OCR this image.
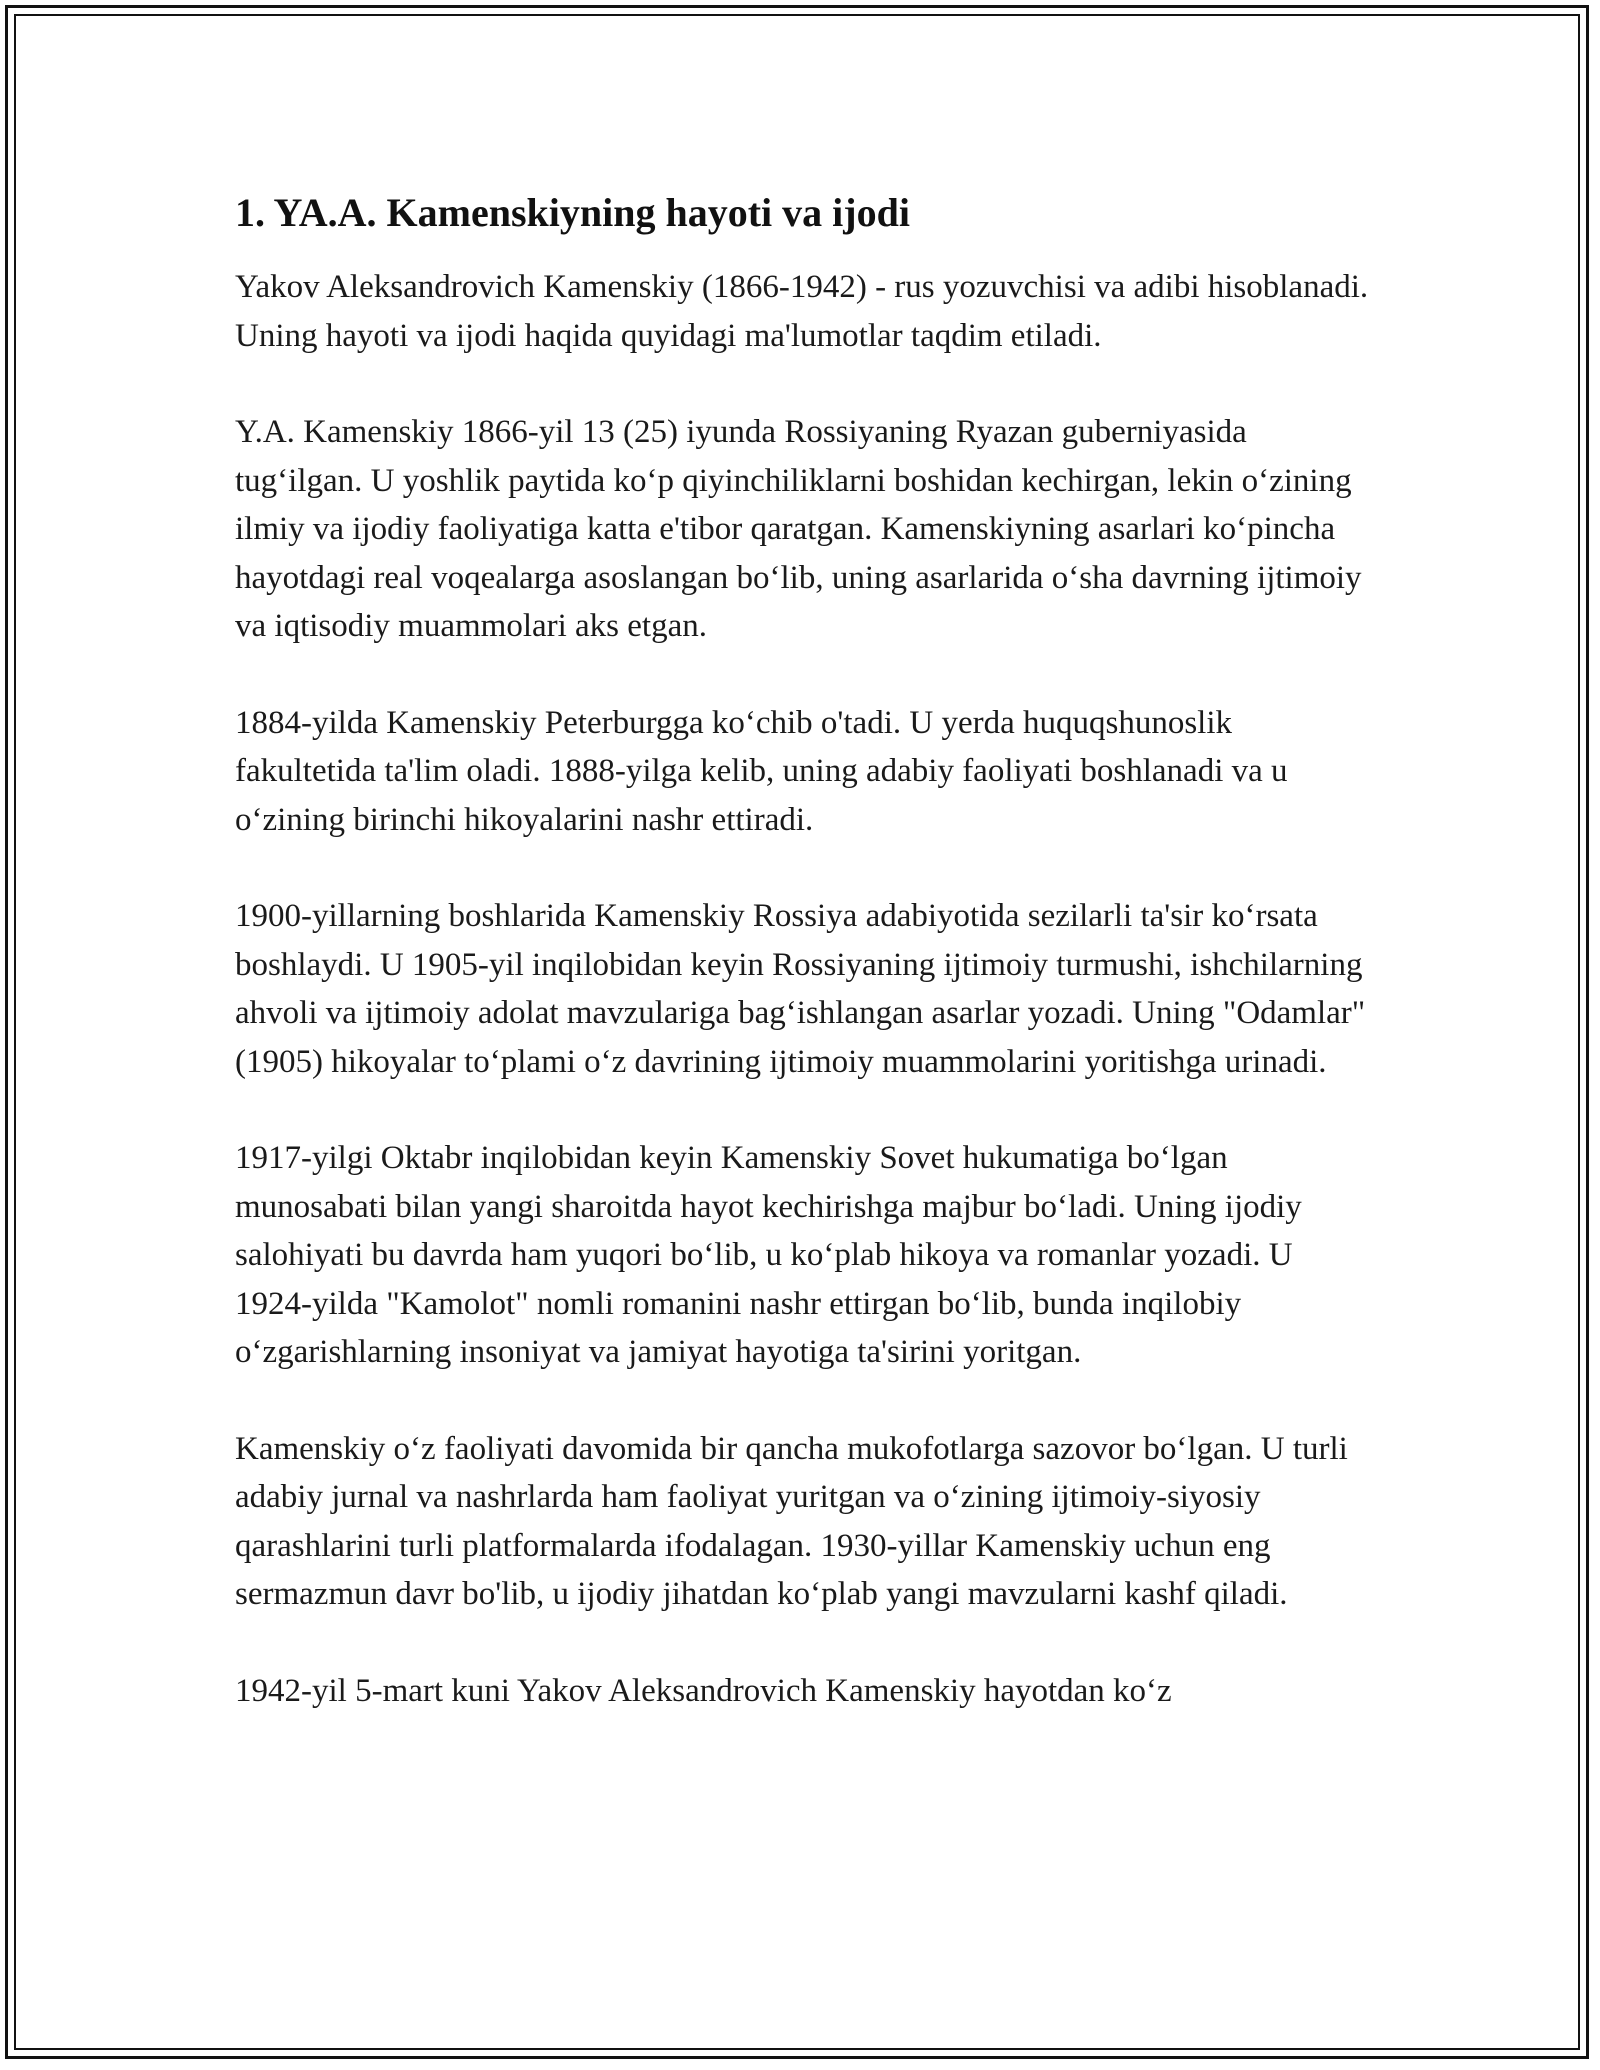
1. YA.A. Kamenskiyning hayoti va ijodi

Yakov Aleksandrovich Kamenskiy (1866-1942) - rus yozuvchisi va adibi hisoblanadi. Uning hayoti va ijodi haqida quyidagi ma'lumotlar taqdim etiladi.

Y.A. Kamenskiy 1866-yil 13 (25) iyunda Rossiyaning Ryazan guberniyasida tug‘ilgan. U yoshlik paytida ko‘p qiyinchiliklarni boshidan kechirgan, lekin o‘zining ilmiy va ijodiy faoliyatiga katta e'tibor qaratgan. Kamenskiyning asarlari ko‘pincha hayotdagi real voqealarga asoslangan bo‘lib, uning asarlarida o‘sha davrning ijtimoiy va iqtisodiy muammolari aks etgan.

1884-yilda Kamenskiy Peterburgga ko‘chib o'tadi. U yerda huquqshunoslik fakultetida ta'lim oladi. 1888-yilga kelib, uning adabiy faoliyati boshlanadi va u o‘zining birinchi hikoyalarini nashr ettiradi.

1900-yillarning boshlarida Kamenskiy Rossiya adabiyotida sezilarli ta'sir ko‘rsata boshlaydi. U 1905-yil inqilobidan keyin Rossiyaning ijtimoiy turmushi, ishchilarning ahvoli va ijtimoiy adolat mavzulariga bag‘ishlangan asarlar yozadi. Uning "Odamlar" (1905) hikoyalar to‘plami o‘z davrining ijtimoiy muammolarini yoritishga urinadi.

1917-yilgi Oktabr inqilobidan keyin Kamenskiy Sovet hukumatiga bo‘lgan munosabati bilan yangi sharoitda hayot kechirishga majbur bo‘ladi. Uning ijodiy salohiyati bu davrda ham yuqori bo‘lib, u ko‘plab hikoya va romanlar yozadi. U 1924-yilda "Kamolot" nomli romanini nashr ettirgan bo‘lib, bunda inqilobiy o‘zgarishlarning insoniyat va jamiyat hayotiga ta'sirini yoritgan.

Kamenskiy o‘z faoliyati davomida bir qancha mukofotlarga sazovor bo‘lgan. U turli adabiy jurnal va nashrlarda ham faoliyat yuritgan va o‘zining ijtimoiy-siyosiy qarashlarini turli platformalarda ifodalagan. 1930-yillar Kamenskiy uchun eng sermazmun davr bo'lib, u ijodiy jihatdan ko‘plab yangi mavzularni kashf qiladi.

1942-yil 5-mart kuni Yakov Aleksandrovich Kamenskiy hayotdan ko‘z
